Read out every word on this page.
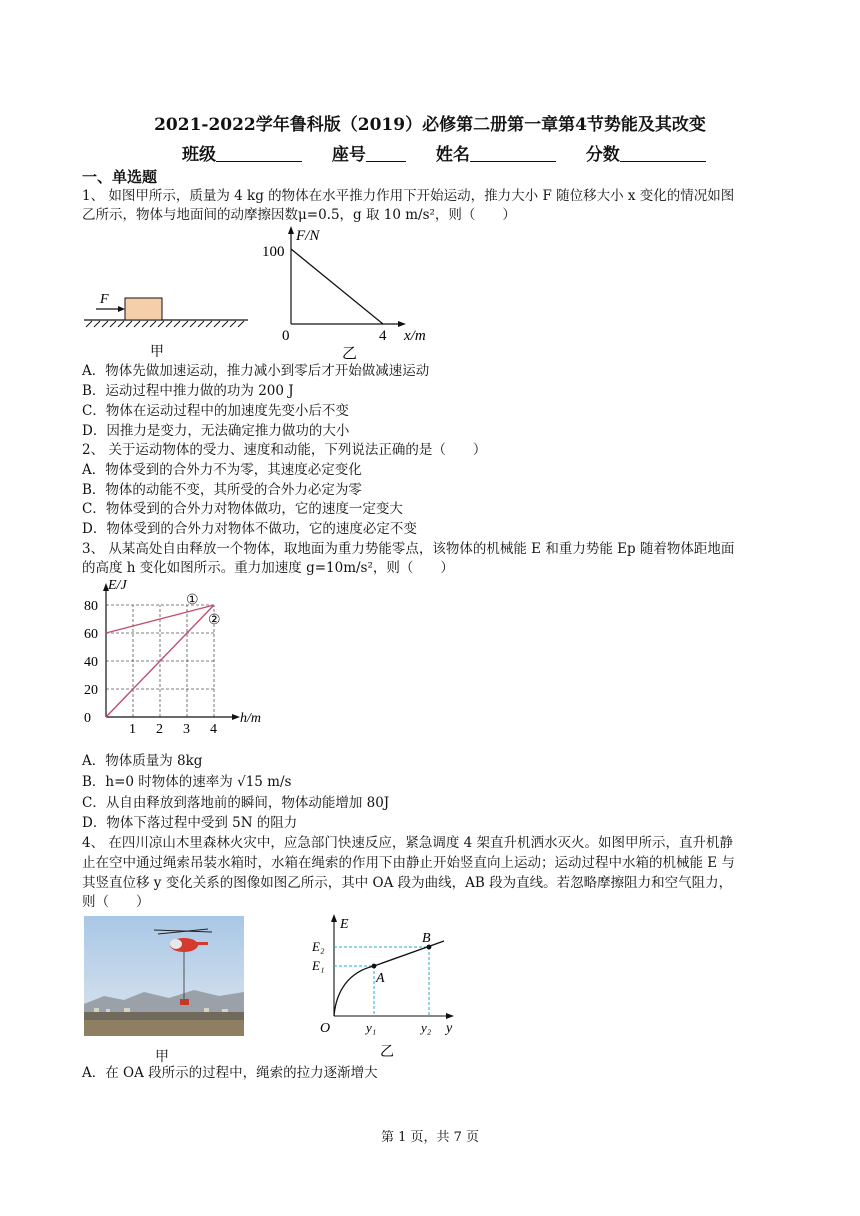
2021-2022学年鲁科版（2019）必修第二册第一章第4节势能及其改变
班级	座号	姓名	分数
一、单选题
1、 如图甲所示，质量为 4 kg 的物体在水平推力作用下开始运动，推力大小 F 随位移大小 x 变化的情况如图
乙所示，物体与地面间的动摩擦因数μ=0.5，g 取 10 m/s²，则（　　）
F
甲
F/N
100
0	4 x/m
乙
A．物体先做加速运动，推力减小到零后才开始做减速运动
B．运动过程中推力做的功为 200 J
C．物体在运动过程中的加速度先变小后不变
D．因推力是变力，无法确定推力做功的大小
2、 关于运动物体的受力、速度和动能，下列说法正确的是（　　）
A．物体受到的合外力不为零，其速度必定变化
B．物体的动能不变，其所受的合外力必定为零
C．物体受到的合外力对物体做功，它的速度一定变大
D．物体受到的合外力对物体不做功，它的速度必定不变
3、 从某高处自由释放一个物体，取地面为重力势能零点，该物体的机械能 E 和重力势能 Ep 随着物体距地面
的高度 h 变化如图所示。重力加速度 g=10m/s²，则（　　）
80
60
40
20
0
1 2 3 4
E/J
h/m
①
②
A．物体质量为 8kg
B．h=0 时物体的速率为 √15 m/s
C．从自由释放到落地前的瞬间，物体动能增加 80J
D．物体下落过程中受到 5N 的阻力
4、 在四川凉山木里森林火灾中，应急部门快速反应，紧急调度 4 架直升机洒水灭火。如图甲所示，直升机静
止在空中通过绳索吊装水箱时，水箱在绳索的作用下由静止开始竖直向上运动；运动过程中水箱的机械能 E 与
其竖直位移 y 变化关系的图像如图乙所示，其中 OA 段为曲线，AB 段为直线。若忽略摩擦阻力和空气阻力，
则（　　）
甲
E
E₂
E₁
O	y₁	y₂ y
A
B
乙
A．在 OA 段所示的过程中，绳索的拉力逐渐增大
第 1 页，共 7 页
